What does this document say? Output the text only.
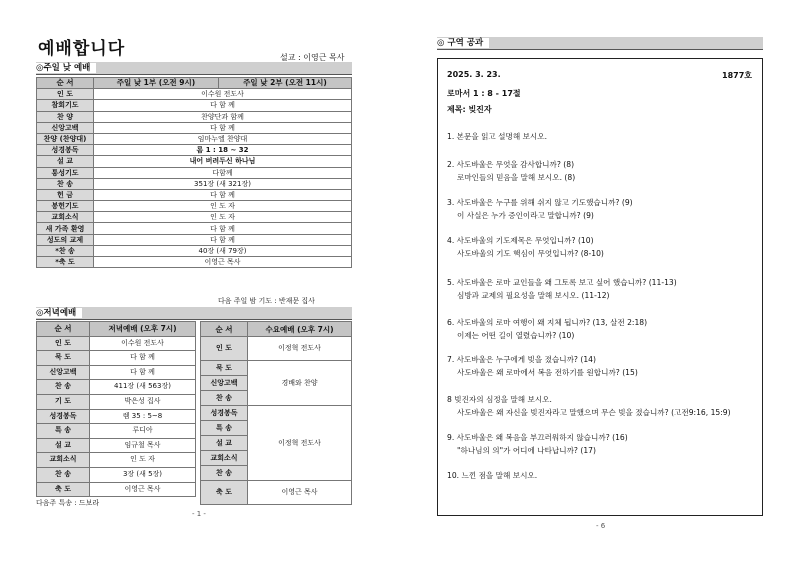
예배합니다	설교 : 이영근 목사
◎주일 낮 예배
순 서	주일 낮 1부 (오전 9시)	주일 낮 2부 (오전 11시)
인 도	이수원 전도사	
참회기도	다 함 께	
찬 양	찬양단과 함께	
신앙고백	다 함 께	
찬양 (찬양대)	임마누엘 찬양대	
성경봉독	롬 1 : 18 ~ 32	
설 교	내어 버려두신 하나님	
통성기도	다함께	
찬 송	351장 (새 321장)	
헌 금	다 함 께	
봉헌기도	인 도 자	
교회소식	인 도 자	
새 가족 환영	다 함 께	
성도의 교제	다 함 께	
*찬 송	40장 (새 79장)	
*축 도	이영근 목사	
다음 주일 밤 기도 : 반재문 집사
◎저녁예배
순 서	저녁예배 (오후 7시)
인 도	이수원 전도사
묵 도	다 함 께
신앙고백	다 함 께
찬 송	411장 (새 563장)
기 도	박은성 집사
성경봉독	렘 35 : 5~8
특 송	루디아
설 교	임규철 목사
교회소식	인 도 자
찬 송	3장 (새 5장)
축 도	이영근 목사
순 서	수요예배 (오후 7시)
인 도	이정혁 전도사
묵 도	경배와 찬양
신앙고백	
찬 송	
성경봉독	이정혁 전도사
특 송	
설 교	
교회소식	
찬 송	
축 도	이영근 목사
다음주 특송 : 드보라
- 1 -
◎ 구역 공과
2025. 3. 23.	1877호
로마서 1 : 8 - 17절
제목: 빚진자
1. 본문을 읽고 설명해 보시오.
2. 사도바울은 무엇을 감사합니까? (8)
로마인들의 믿음을 말해 보시오. (8)
3. 사도바울은 누구를 위해 쉬지 않고 기도했습니까? (9)
이 사실은 누가 증인이라고 말합니까? (9)
4. 사도바울의 기도제목은 무엇입니까? (10)
사도바울의 기도 핵심이 무엇입니까? (8-10)
5. 사도바울은 로마 교인들을 왜 그토록 보고 싶어 했습니까? (11-13)
심방과 교제의 필요성을 말해 보시오. (11-12)
6. 사도바울의 로마 여행이 왜 지체 됩니까? (13, 살전 2:18)
이제는 어떤 길이 열렸습니까? (10)
7. 사도바울은 누구에게 빚을 졌습니까? (14)
사도바울은 왜 로마에서 복음 전하기를 원합니까? (15)
8 빚진자의 심정을 말해 보시오.
사도바울은 왜 자신을 빚진자라고 말했으며 무슨 빚을 졌습니까? (고전9:16, 15:9)
9. 사도바울은 왜 복음을 부끄러워하지 않습니까? (16)
"하나님의 의"가 어디에 나타납니까? (17)
10. 느낀 점을 말해 보시오.
- 6
